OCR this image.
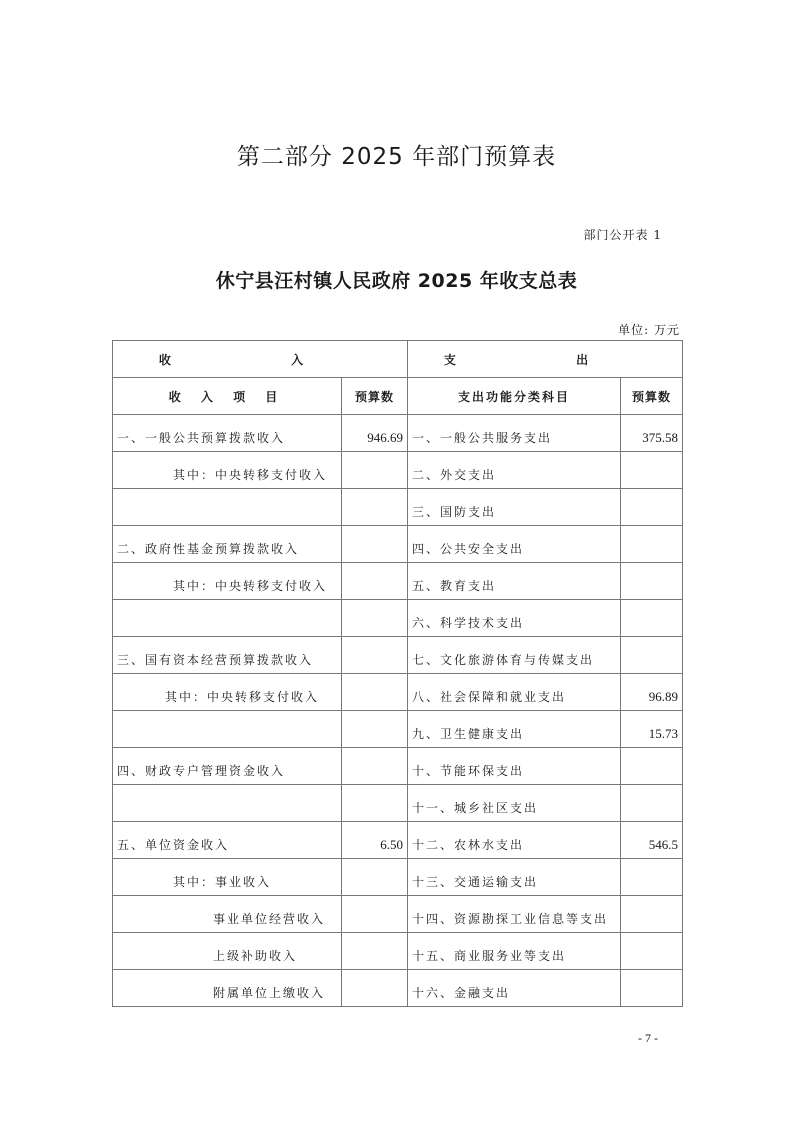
第二部分 2025 年部门预算表
部门公开表 1
休宁县汪村镇人民政府 2025 年收支总表
单位: 万元
收 入		支 出	
收 入 项 目	预算数	支出功能分类科目	预算数
一、一般公共预算拨款收入	946.69	一、一般公共服务支出	375.58
其中：中央转移支付收入		二、外交支出	
		三、国防支出	
二、政府性基金预算拨款收入		四、公共安全支出	
其中：中央转移支付收入		五、教育支出	
		六、科学技术支出	
三、国有资本经营预算拨款收入		七、文化旅游体育与传媒支出	
其中：中央转移支付收入		八、社会保障和就业支出	96.89
		九、卫生健康支出	15.73
四、财政专户管理资金收入		十、节能环保支出	
		十一、城乡社区支出	
五、单位资金收入	6.50	十二、农林水支出	546.5
其中：事业收入		十三、交通运输支出	
事业单位经营收入		十四、资源勘探工业信息等支出	
上级补助收入		十五、商业服务业等支出	
附属单位上缴收入		十六、金融支出	
- 7 -
